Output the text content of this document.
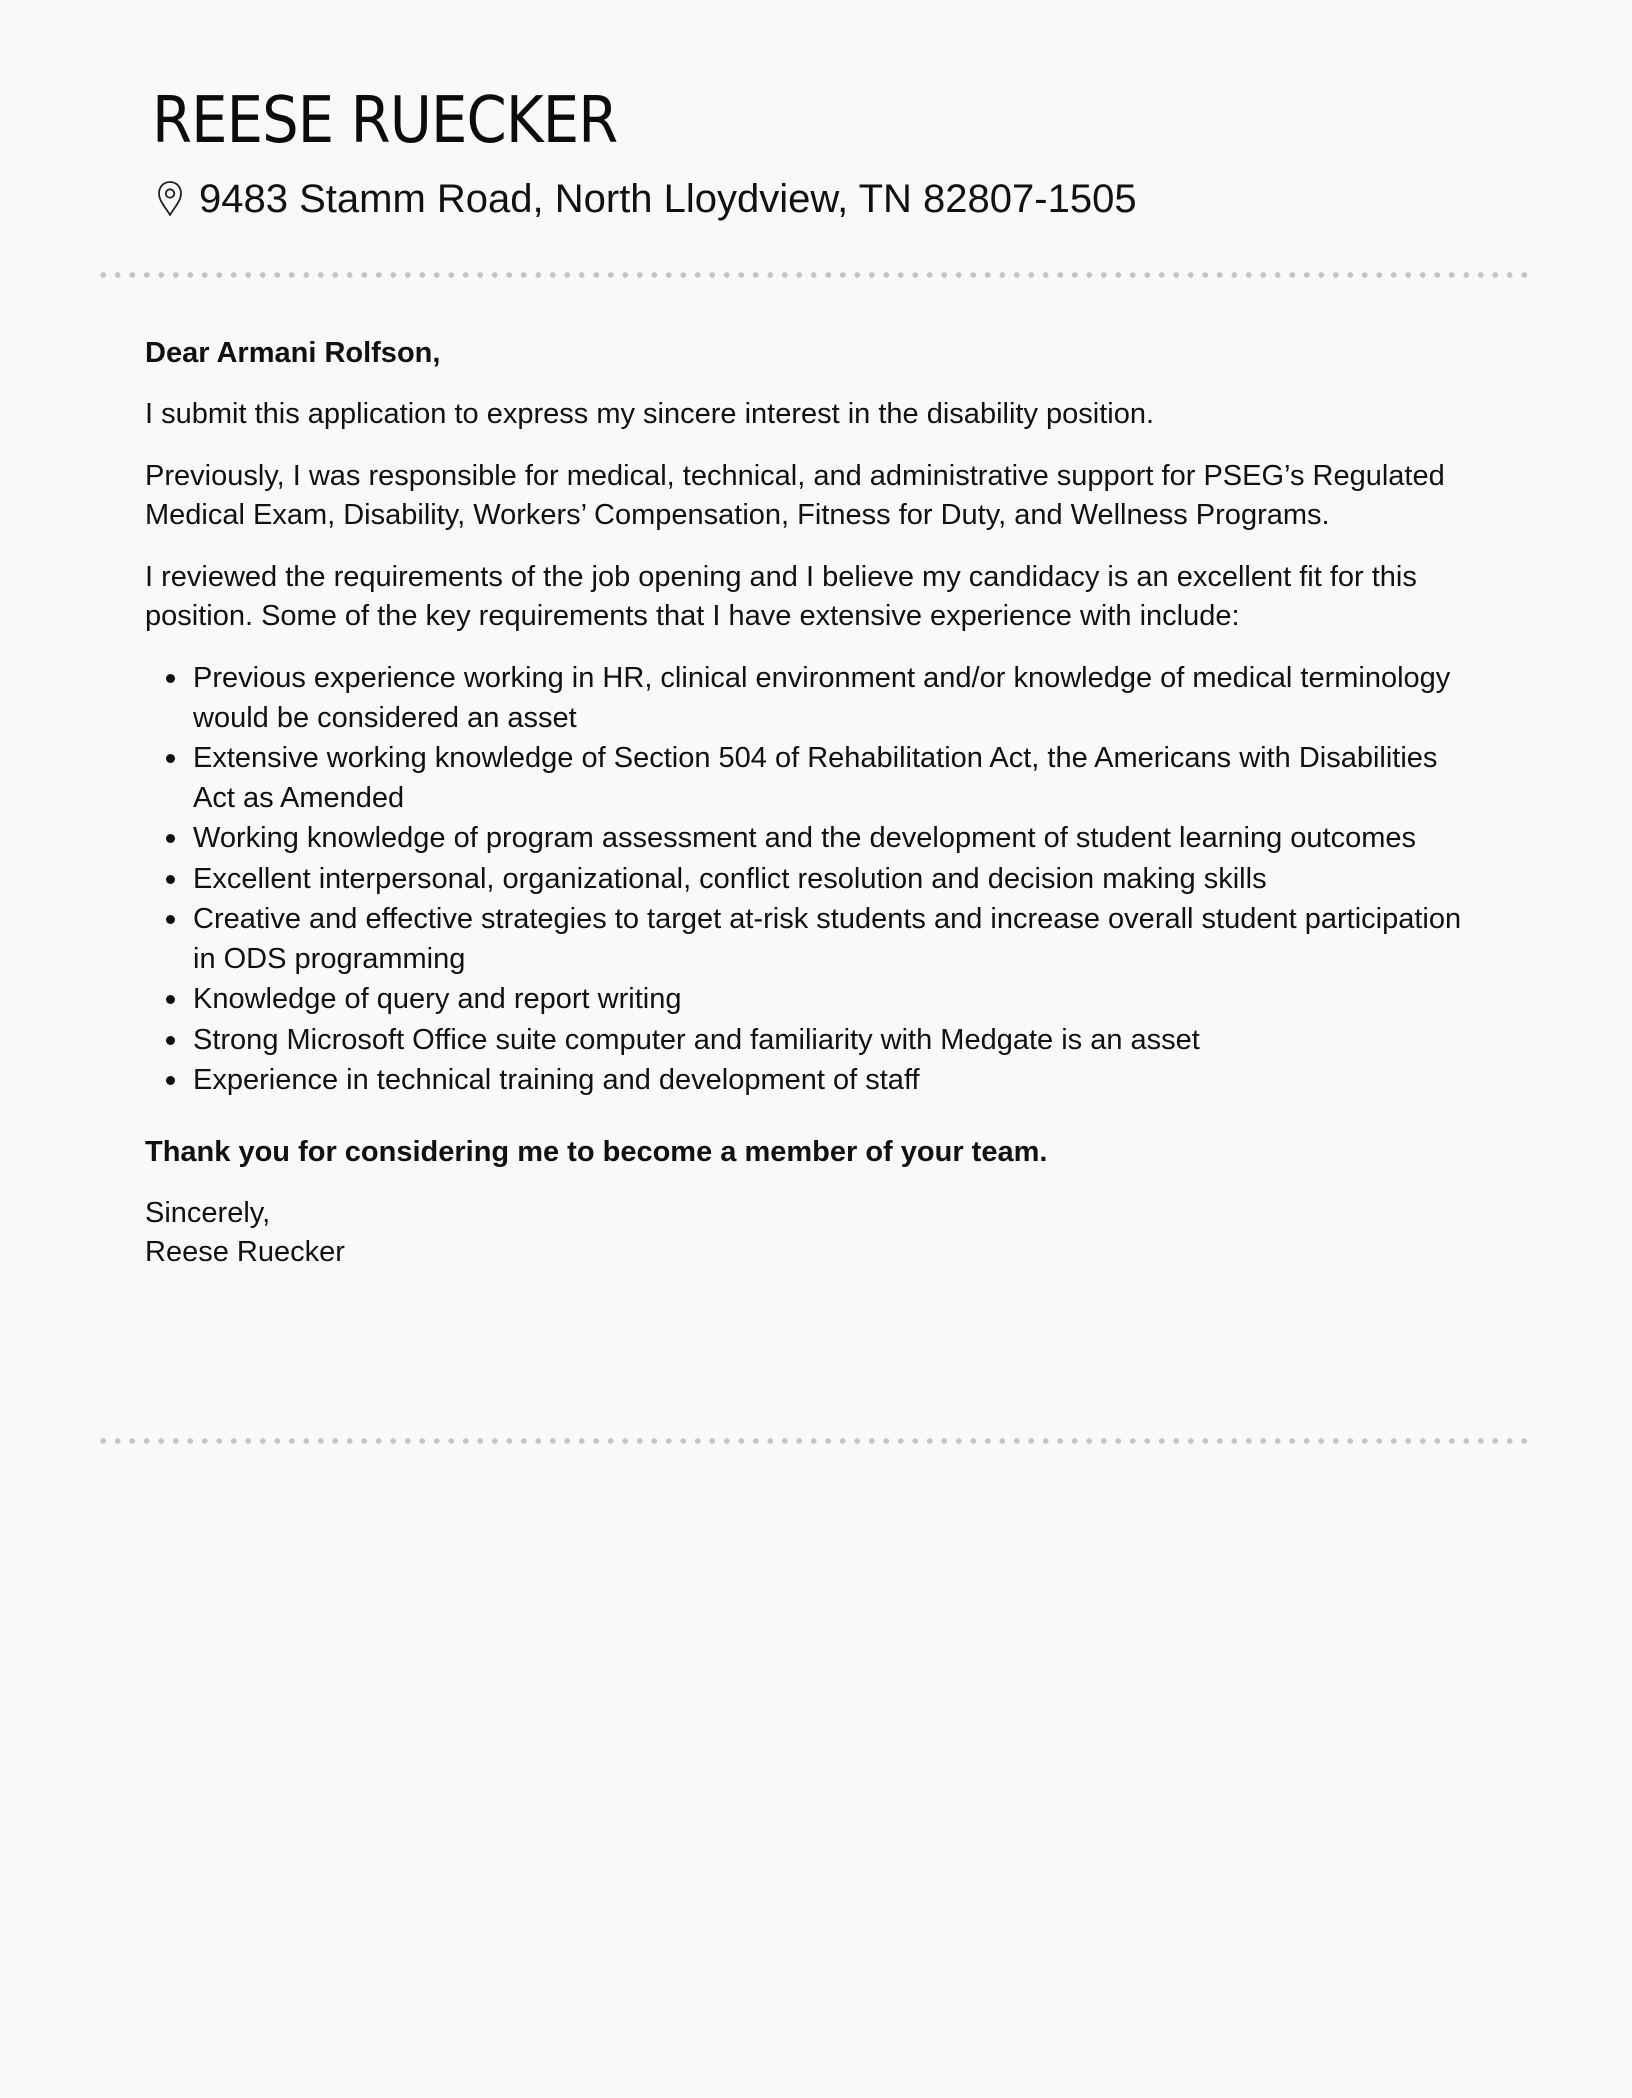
REESE RUECKER
9483 Stamm Road, North Lloydview, TN 82807-1505

Dear Armani Rolfson,

I submit this application to express my sincere interest in the disability position.

Previously, I was responsible for medical, technical, and administrative support for PSEG’s Regulated Medical Exam, Disability, Workers’ Compensation, Fitness for Duty, and Wellness Programs.

I reviewed the requirements of the job opening and I believe my candidacy is an excellent fit for this position. Some of the key requirements that I have extensive experience with include:

Previous experience working in HR, clinical environment and/or knowledge of medical terminology would be considered an asset
Extensive working knowledge of Section 504 of Rehabilitation Act, the Americans with Disabilities Act as Amended
Working knowledge of program assessment and the development of student learning outcomes
Excellent interpersonal, organizational, conflict resolution and decision making skills
Creative and effective strategies to target at-risk students and increase overall student participation in ODS programming
Knowledge of query and report writing
Strong Microsoft Office suite computer and familiarity with Medgate is an asset
Experience in technical training and development of staff

Thank you for considering me to become a member of your team.

Sincerely,
Reese Ruecker
